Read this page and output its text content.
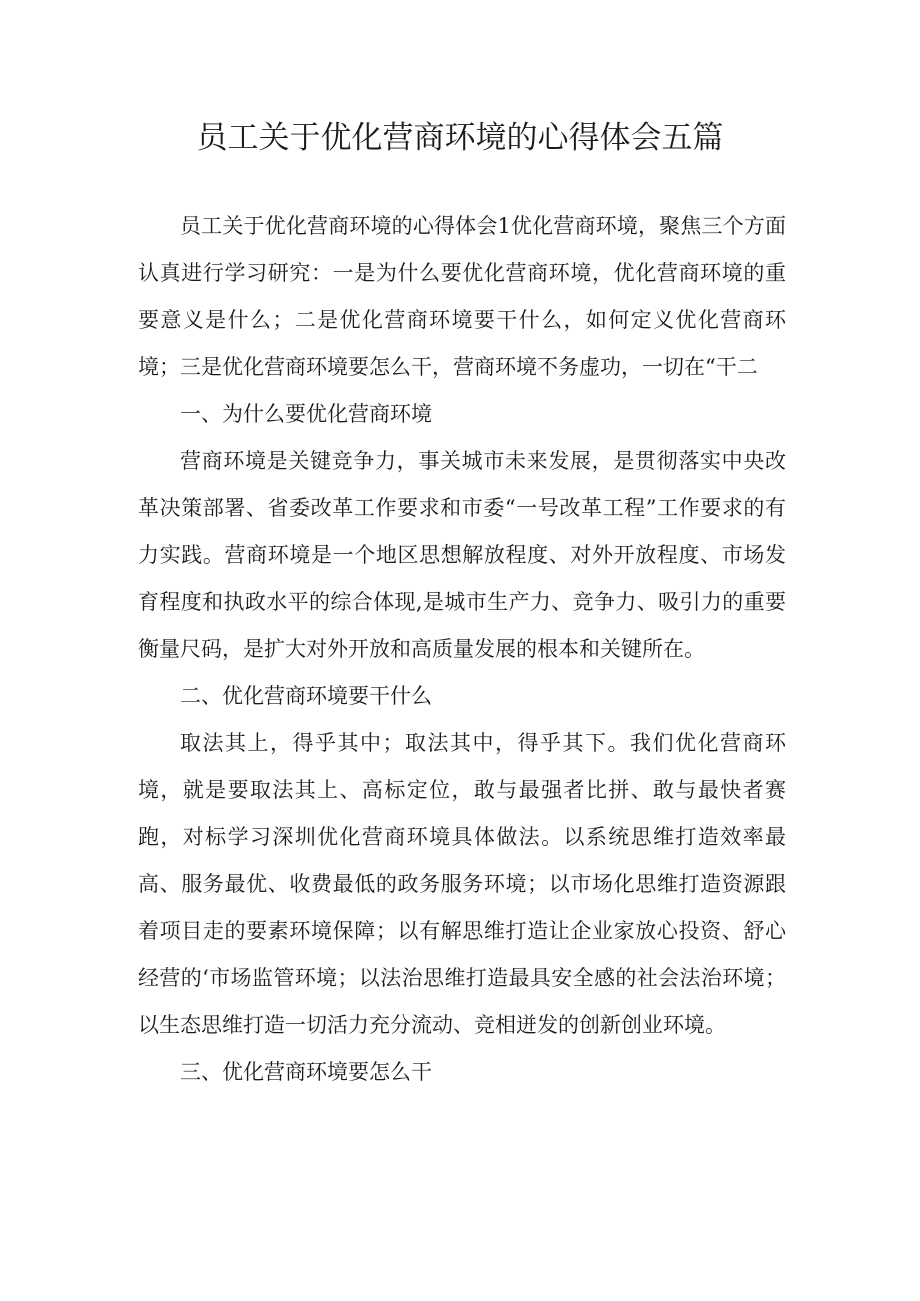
员工关于优化营商环境的心得体会五篇

员工关于优化营商环境的心得体会1优化营商环境，聚焦三个方面认真进行学习研究：一是为什么要优化营商环境，优化营商环境的重要意义是什么；二是优化营商环境要干什么，如何定义优化营商环境；三是优化营商环境要怎么干，营商环境不务虚功，一切在“干二

一、为什么要优化营商环境

营商环境是关键竞争力，事关城市未来发展，是贯彻落实中央改革决策部署、省委改革工作要求和市委“一号改革工程”工作要求的有力实践。营商环境是一个地区思想解放程度、对外开放程度、市场发育程度和执政水平的综合体现,是城市生产力、竞争力、吸引力的重要衡量尺码，是扩大对外开放和高质量发展的根本和关键所在。

二、优化营商环境要干什么

取法其上，得乎其中；取法其中，得乎其下。我们优化营商环境，就是要取法其上、高标定位，敢与最强者比拼、敢与最快者赛跑，对标学习深圳优化营商环境具体做法。以系统思维打造效率最高、服务最优、收费最低的政务服务环境；以市场化思维打造资源跟着项目走的要素环境保障；以有解思维打造让企业家放心投资、舒心经营的‘市场监管环境；以法治思维打造最具安全感的社会法治环境；以生态思维打造一切活力充分流动、竞相迸发的创新创业环境。

三、优化营商环境要怎么干
